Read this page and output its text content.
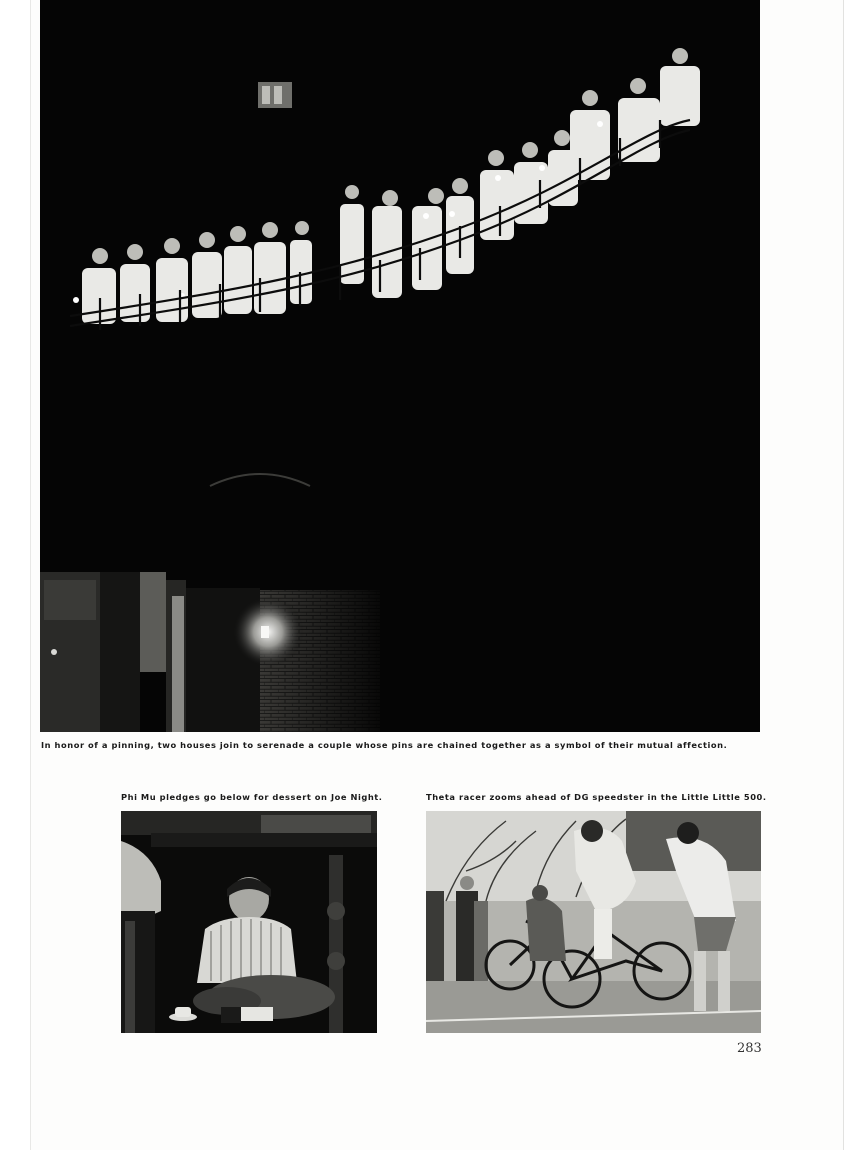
In honor of a pinning, two houses join to serenade a couple whose pins are chained together as a symbol of their mutual affection.

Phi Mu pledges go below for dessert on Joe Night.	Theta racer zooms ahead of DG speedster in the Little Little 500.

283
